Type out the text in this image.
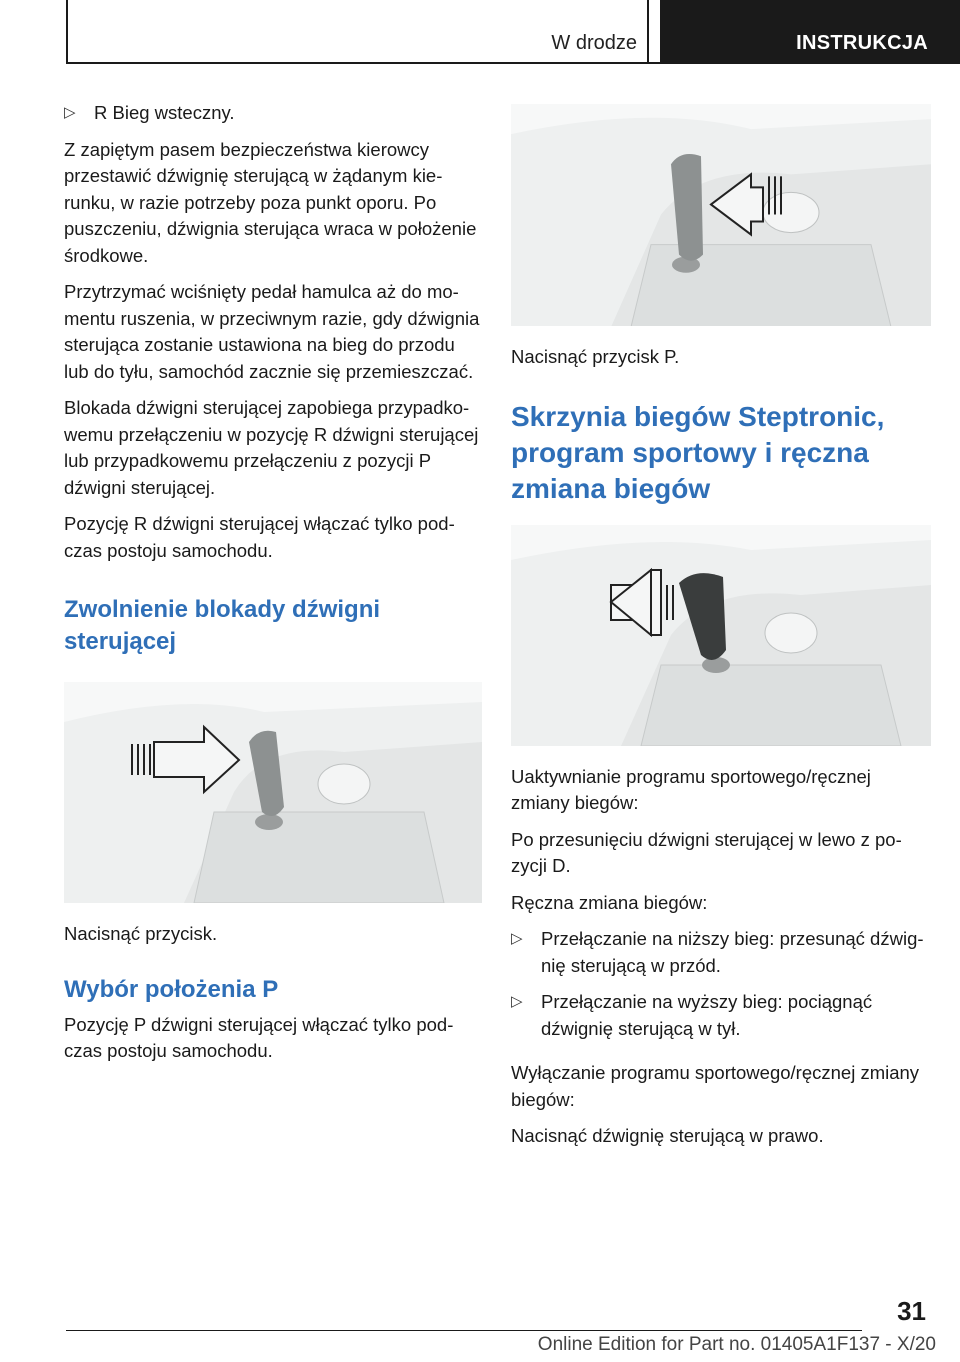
W drodze	INSTRUKCJA
▷ R Bieg wsteczny.

Z zapiętym pasem bezpieczeństwa kierowcy przestawić dźwignię sterującą w żądanym kierunku, w razie potrzeby poza punkt oporu. Po puszczeniu, dźwignia sterująca wraca w położenie środkowe.

Przytrzymać wciśnięty pedał hamulca aż do momentu ruszenia, w przeciwnym razie, gdy dźwignia sterująca zostanie ustawiona na bieg do przodu lub do tyłu, samochód zacznie się przemieszczać.

Blokada dźwigni sterującej zapobiega przypadkowemu przełączeniu w pozycję R dźwigni sterującej lub przypadkowemu przełączeniu z pozycji P dźwigni sterującej.

Pozycję R dźwigni sterującej włączać tylko podczas postoju samochodu.

Zwolnienie blokady dźwigni sterującej

Nacisnąć przycisk.

Wybór położenia P

Pozycję P dźwigni sterującej włączać tylko podczas postoju samochodu.

Nacisnąć przycisk P.

Skrzynia biegów Steptronic, program sportowy i ręczna zmiana biegów

Uaktywnianie programu sportowego/ręcznej zmiany biegów:

Po przesunięciu dźwigni sterującej w lewo z pozycji D.

Ręczna zmiana biegów:

▷ Przełączanie na niższy bieg: przesunąć dźwignię sterującą w przód.
▷ Przełączanie na wyższy bieg: pociągnąć dźwignię sterującą w tył.

Wyłączanie programu sportowego/ręcznej zmiany biegów:

Nacisnąć dźwignię sterującą w prawo.

31
Online Edition for Part no. 01405A1F137 - X/20
